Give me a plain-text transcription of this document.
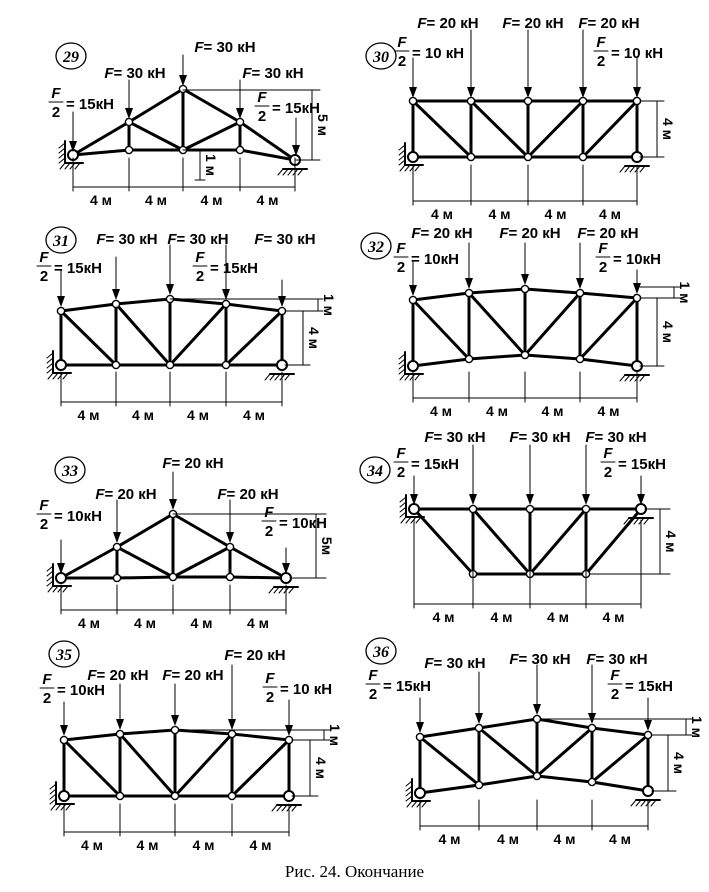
29
F= 30 кН
F= 30 кН	F= 30 кН
F
2 = 15кН	F
2 = 15кН
4 м 4 м 4 м 4 м
5 м
1 м
30
F= 20 кН F= 20 кН F= 20 кН
F
2 = 10 кН
F
2 = 10 кН
4 м	4 м 4 м 4 м
4 м
31 F= 30 кН F= 30 кН F= 30 кН
F
2 = 15кН
F
2 = 15кН
4 м 4 м 4 м 4 м
4 м
1 м
32
F= 20 кН F= 20 кН F= 20 кН
F
2 = 10кН
F
2 = 10кН
4 м 4 м 4 м 4 м
4 м
1 м
33	F= 20 кН
F= 20 кН	F= 20 кН
F
2 = 10кН	F
2 = 10кН
4 м 4 м 4 м 4 м
5м
34
F= 30 кН F= 30 кН F= 30 кН
F
2 = 15кН
F
2 = 15кН
4 м	4 м 4 м 4 м
4 м
35
F= 20 кН F= 20 кН
F= 20 кН
F
2 = 10кН
F
2 = 10 кН
4 м 4 м 4 м 4 м
4 м
1 м
36
F= 30 кН F= 30 кН F= 30 кН
F
2 = 15кН
F
2 = 15кН
4 м	4 м 4 м 4 м
4 м
1 м
Рис. 24. Окончание
